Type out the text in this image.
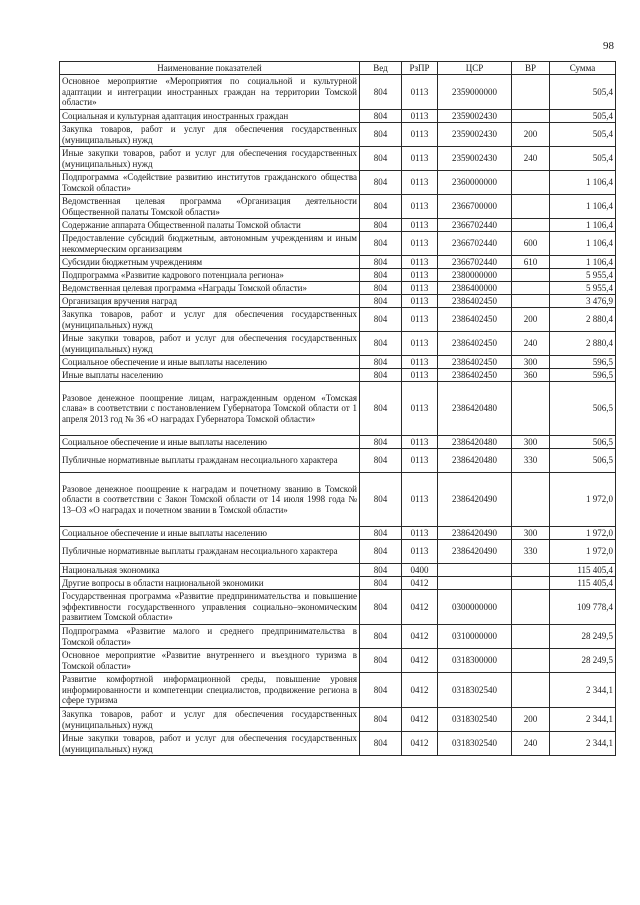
98
Наименование показателей	Вед	РзПР	ЦСР	ВР	Сумма
Основное мероприятие «Мероприятия по социальной и культурной адаптации и интеграции иностранных граждан на территории Томской области»	804	0113	2359000000		505,4
Социальная и культурная адаптация иностранных граждан	804	0113	2359002430		505,4
Закупка товаров, работ и услуг для обеспечения государственных (муниципальных) нужд	804	0113	2359002430	200	505,4
Иные закупки товаров, работ и услуг для обеспечения государственных (муниципальных) нужд	804	0113	2359002430	240	505,4
Подпрограмма «Содействие развитию институтов гражданского общества Томской области»	804	0113	2360000000		1 106,4
Ведомственная целевая программа «Организация деятельности Общественной палаты Томской области»	804	0113	2366700000		1 106,4
Содержание аппарата Общественной палаты Томской области	804	0113	2366702440		1 106,4
Предоставление субсидий бюджетным, автономным учреждениям и иным некоммерческим организациям	804	0113	2366702440	600	1 106,4
Субсидии бюджетным учреждениям	804	0113	2366702440	610	1 106,4
Подпрограмма «Развитие кадрового потенциала региона»	804	0113	2380000000		5 955,4
Ведомственная целевая программа «Награды Томской области»	804	0113	2386400000		5 955,4
Организация вручения наград	804	0113	2386402450		3 476,9
Закупка товаров, работ и услуг для обеспечения государственных (муниципальных) нужд	804	0113	2386402450	200	2 880,4
Иные закупки товаров, работ и услуг для обеспечения государственных (муниципальных) нужд	804	0113	2386402450	240	2 880,4
Социальное обеспечение и иные выплаты населению	804	0113	2386402450	300	596,5
Иные выплаты населению	804	0113	2386402450	360	596,5
Разовое денежное поощрение лицам, награжденным орденом «Томская слава» в соответствии с постановлением Губернатора Томской области от 1 апреля 2013 год № 36 «О наградах Губернатора Томской области»	804	0113	2386420480		506,5
Социальное обеспечение и иные выплаты населению	804	0113	2386420480	300	506,5
Публичные нормативные выплаты гражданам несоциального характера	804	0113	2386420480	330	506,5
Разовое денежное поощрение к наградам и почетному званию в Томской области в соответствии с Закон Томской области от 14 июля 1998 года № 13–ОЗ «О наградах и почетном звании в Томской области»	804	0113	2386420490		1 972,0
Социальное обеспечение и иные выплаты населению	804	0113	2386420490	300	1 972,0
Публичные нормативные выплаты гражданам несоциального характера	804	0113	2386420490	330	1 972,0
Национальная экономика	804	0400			115 405,4
Другие вопросы в области национальной экономики	804	0412			115 405,4
Государственная программа «Развитие предпринимательства и повышение эффективности государственного управления социально–экономическим развитием Томской области»	804	0412	0300000000		109 778,4
Подпрограмма «Развитие малого и среднего предпринимательства в Томской области»	804	0412	0310000000		28 249,5
Основное мероприятие «Развитие внутреннего и въездного туризма в Томской области»	804	0412	0318300000		28 249,5
Развитие комфортной информационной среды, повышение уровня информированности и компетенции специалистов, продвижение региона в сфере туризма	804	0412	0318302540		2 344,1
Закупка товаров, работ и услуг для обеспечения государственных (муниципальных) нужд	804	0412	0318302540	200	2 344,1
Иные закупки товаров, работ и услуг для обеспечения государственных (муниципальных) нужд	804	0412	0318302540	240	2 344,1
